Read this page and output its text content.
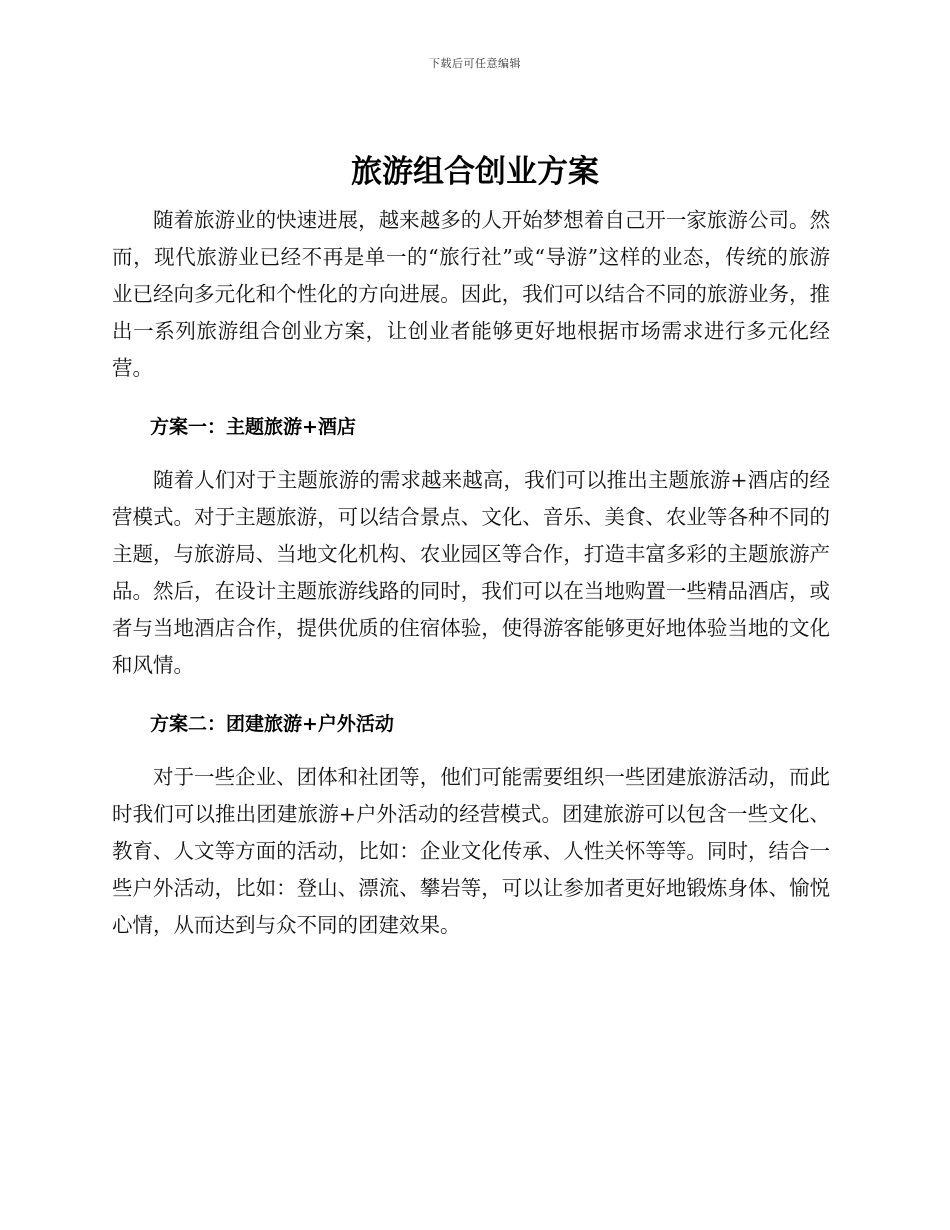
下载后可任意编辑
旅游组合创业方案

随着旅游业的快速进展，越来越多的人开始梦想着自己开一家旅游公司。然而，现代旅游业已经不再是单一的“旅行社”或“导游”这样的业态，传统的旅游业已经向多元化和个性化的方向进展。因此，我们可以结合不同的旅游业务，推出一系列旅游组合创业方案，让创业者能够更好地根据市场需求进行多元化经营。

方案一：主题旅游+酒店

随着人们对于主题旅游的需求越来越高，我们可以推出主题旅游+酒店的经营模式。对于主题旅游，可以结合景点、文化、音乐、美食、农业等各种不同的主题，与旅游局、当地文化机构、农业园区等合作，打造丰富多彩的主题旅游产品。然后，在设计主题旅游线路的同时，我们可以在当地购置一些精品酒店，或者与当地酒店合作，提供优质的住宿体验，使得游客能够更好地体验当地的文化和风情。

方案二：团建旅游+户外活动

对于一些企业、团体和社团等，他们可能需要组织一些团建旅游活动，而此时我们可以推出团建旅游+户外活动的经营模式。团建旅游可以包含一些文化、教育、人文等方面的活动，比如：企业文化传承、人性关怀等等。同时，结合一些户外活动，比如：登山、漂流、攀岩等，可以让参加者更好地锻炼身体、愉悦心情，从而达到与众不同的团建效果。
